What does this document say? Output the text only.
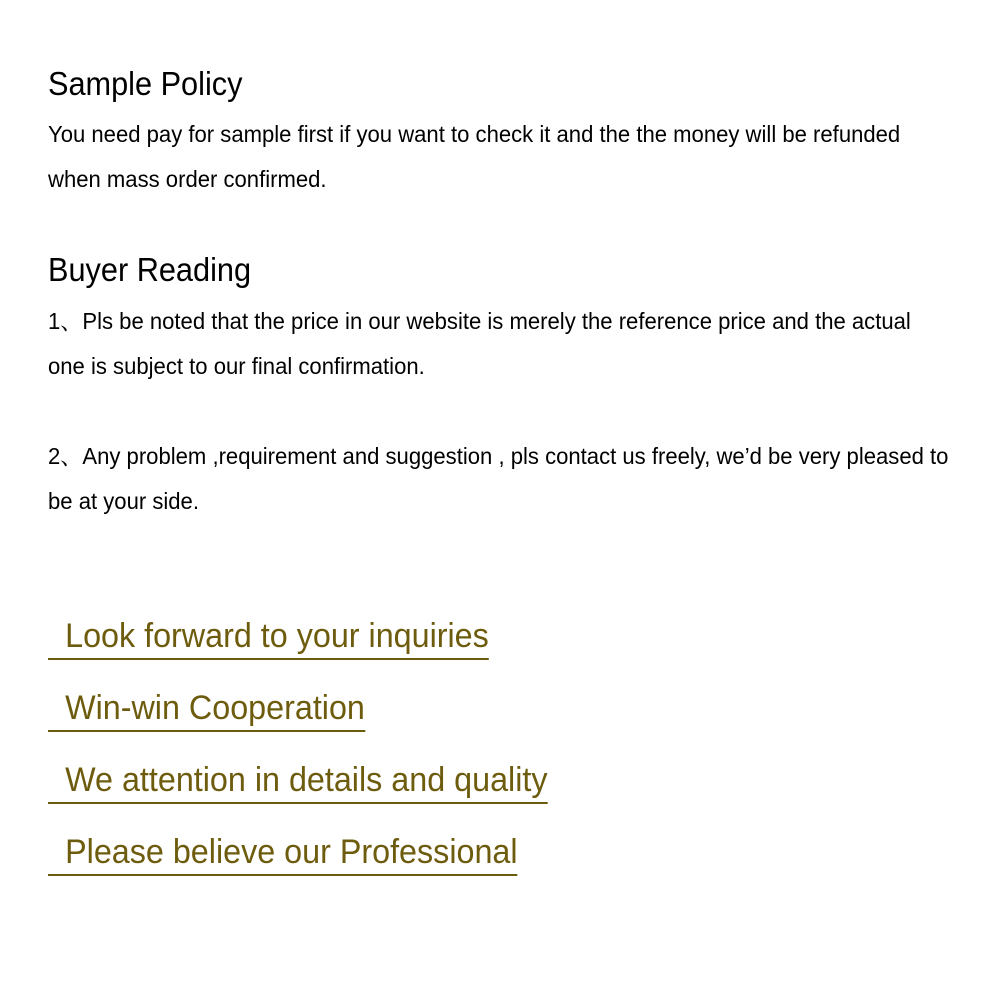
Sample Policy

You need pay for sample first if you want to check it and the the money will be refunded when mass order confirmed.

Buyer Reading

1、Pls be noted that the price in our website is merely the reference price and the actual one is subject to our final confirmation.

2、Any problem ,requirement and suggestion , pls contact us freely, we’d be very pleased to be at your side.

Look forward to your inquiries
Win-win Cooperation
We attention in details and quality
Please believe our Professional
